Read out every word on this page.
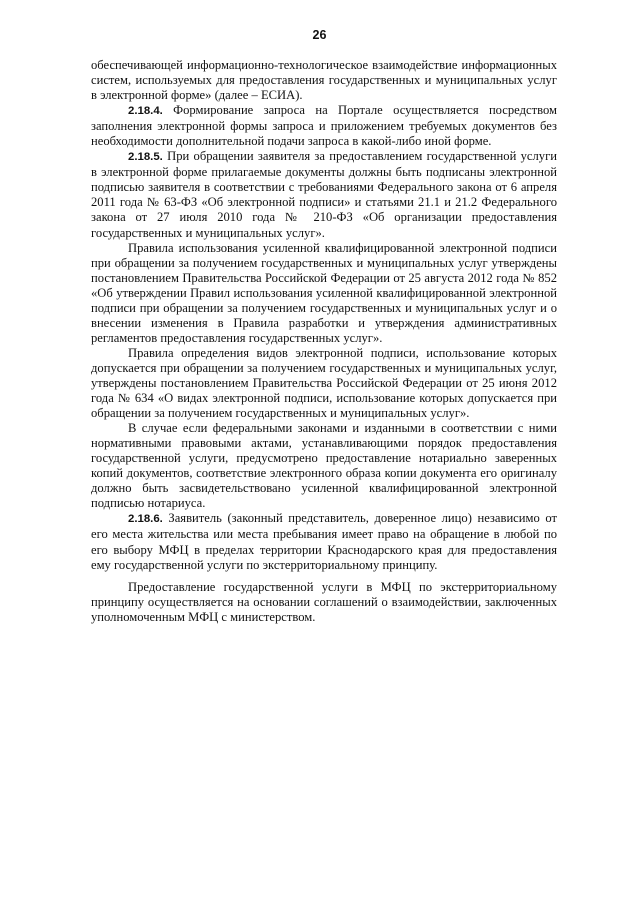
26

обеспечивающей информационно-технологическое взаимодействие информационных систем, используемых для предоставления государственных и муниципальных услуг в электронной форме» (далее – ЕСИА).

2.18.4. Формирование запроса на Портале осуществляется посредством заполнения электронной формы запроса и приложением требуемых документов без необходимости дополнительной подачи запроса в какой-либо иной форме.

2.18.5. При обращении заявителя за предоставлением государственной услуги в электронной форме прилагаемые документы должны быть подписаны электронной подписью заявителя в соответствии с требованиями Федерального закона от 6 апреля 2011 года № 63-ФЗ «Об электронной подписи» и статьями 21.1 и 21.2 Федерального закона от 27 июля 2010 года № 210-ФЗ «Об организации предоставления государственных и муниципальных услуг».

Правила использования усиленной квалифицированной электронной подписи при обращении за получением государственных и муниципальных услуг утверждены постановлением Правительства Российской Федерации от 25 августа 2012 года № 852 «Об утверждении Правил использования усиленной квалифицированной электронной подписи при обращении за получением государственных и муниципальных услуг и о внесении изменения в Правила разработки и утверждения административных регламентов предоставления государственных услуг».

Правила определения видов электронной подписи, использование которых допускается при обращении за получением государственных и муниципальных услуг, утверждены постановлением Правительства Российской Федерации от 25 июня 2012 года № 634 «О видах электронной подписи, использование которых допускается при обращении за получением государственных и муниципальных услуг».

В случае если федеральными законами и изданными в соответствии с ними нормативными правовыми актами, устанавливающими порядок предоставления государственной услуги, предусмотрено предоставление нотариально заверенных копий документов, соответствие электронного образа копии документа его оригиналу должно быть засвидетельствовано усиленной квалифицированной электронной подписью нотариуса.

2.18.6. Заявитель (законный представитель, доверенное лицо) независимо от его места жительства или места пребывания имеет право на обращение в любой по его выбору МФЦ в пределах территории Краснодарского края для предоставления ему государственной услуги по экстерриториальному принципу.

Предоставление государственной услуги в МФЦ по экстерриториальному принципу осуществляется на основании соглашений о взаимодействии, заключенных уполномоченным МФЦ с министерством.
